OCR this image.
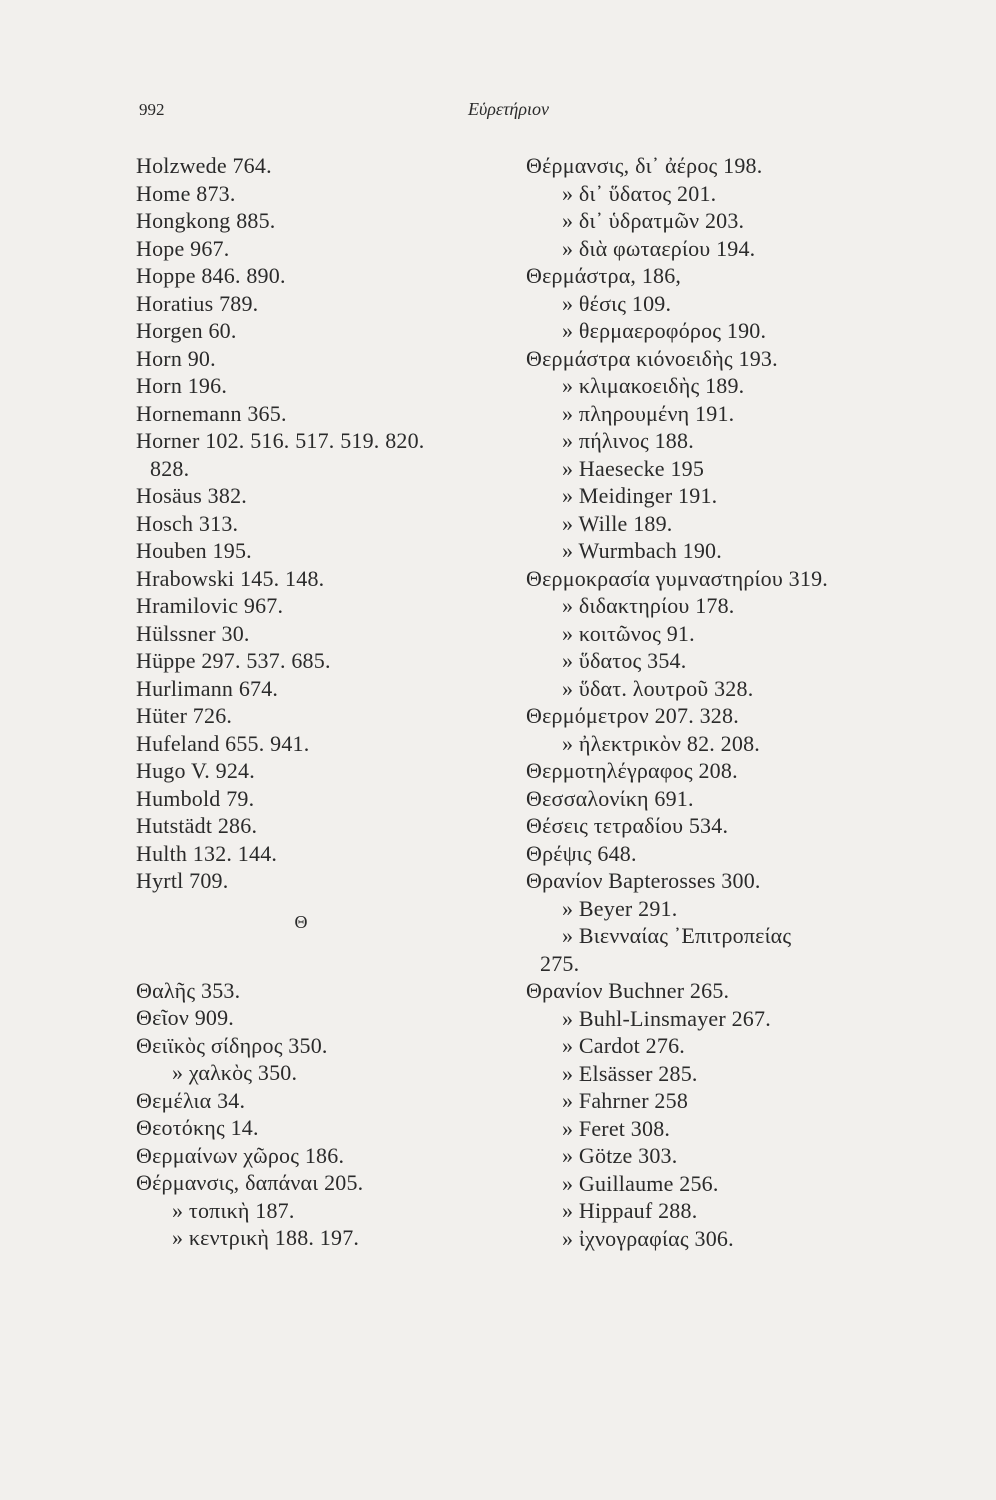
992	Εὑρετήριον
Holzwede 764.
Home 873.
Hongkong 885.
Hope 967.
Hoppe 846. 890.
Horatius 789.
Horgen 60.
Horn 90.
Horn 196.
Hornemann 365.
Horner 102. 516. 517. 519. 820.
828.
Hosäus 382.
Hosch 313.
Houben 195.
Hrabowski 145. 148.
Hramilovic 967.
Hülssner 30.
Hüppe 297. 537. 685.
Hurlimann 674.
Hüter 726.
Hufeland 655. 941.
Hugo V. 924.
Humbold 79.
Hutstädt 286.
Hulth 132. 144.
Hyrtl 709.
Θ
Θαλῆς 353.
Θεῖον 909.
Θειϊκὸς σίδηρος 350.
» χαλκὸς 350.
Θεμέλια 34.
Θεοτόκης 14.
Θερμαίνων χῶρος 186.
Θέρμανσις, δαπάναι 205.
» τοπικὴ 187.
» κεντρικὴ 188. 197.
Θέρμανσις, δι᾽ ἀέρος 198.
» δι᾽ ὕδατος 201.
» δι᾽ ὑδρατμῶν 203.
» διὰ φωταερίου 194.
Θερμάστρα, 186,
» θέσις 109.
» θερμαεροφόρος 190.
Θερμάστρα κιόνοειδὴς 193.
» κλιμακοειδὴς 189.
» πληρουμένη 191.
» πήλινος 188.
» Haesecke 195
» Meidinger 191.
» Wille 189.
» Wurmbach 190.
Θερμοκρασία γυμναστηρίου 319.
» διδακτηρίου 178.
» κοιτῶνος 91.
» ὕδατος 354.
» ὕδατ. λουτροῦ 328.
Θερμόμετρον 207. 328.
» ἠλεκτρικὸν 82. 208.
Θερμοτηλέγραφος 208.
Θεσσαλονίκη 691.
Θέσεις τετραδίου 534.
Θρέψις 648.
Θρανίον Bapterosses 300.
» Beyer 291.
» Βιενναίας ᾽Επιτροπείας
275.
Θρανίον Buchner 265.
» Buhl-Linsmayer 267.
» Cardot 276.
» Elsässer 285.
» Fahrner 258
» Feret 308.
» Götze 303.
» Guillaume 256.
» Hippauf 288.
» ἰχνογραφίας 306.
